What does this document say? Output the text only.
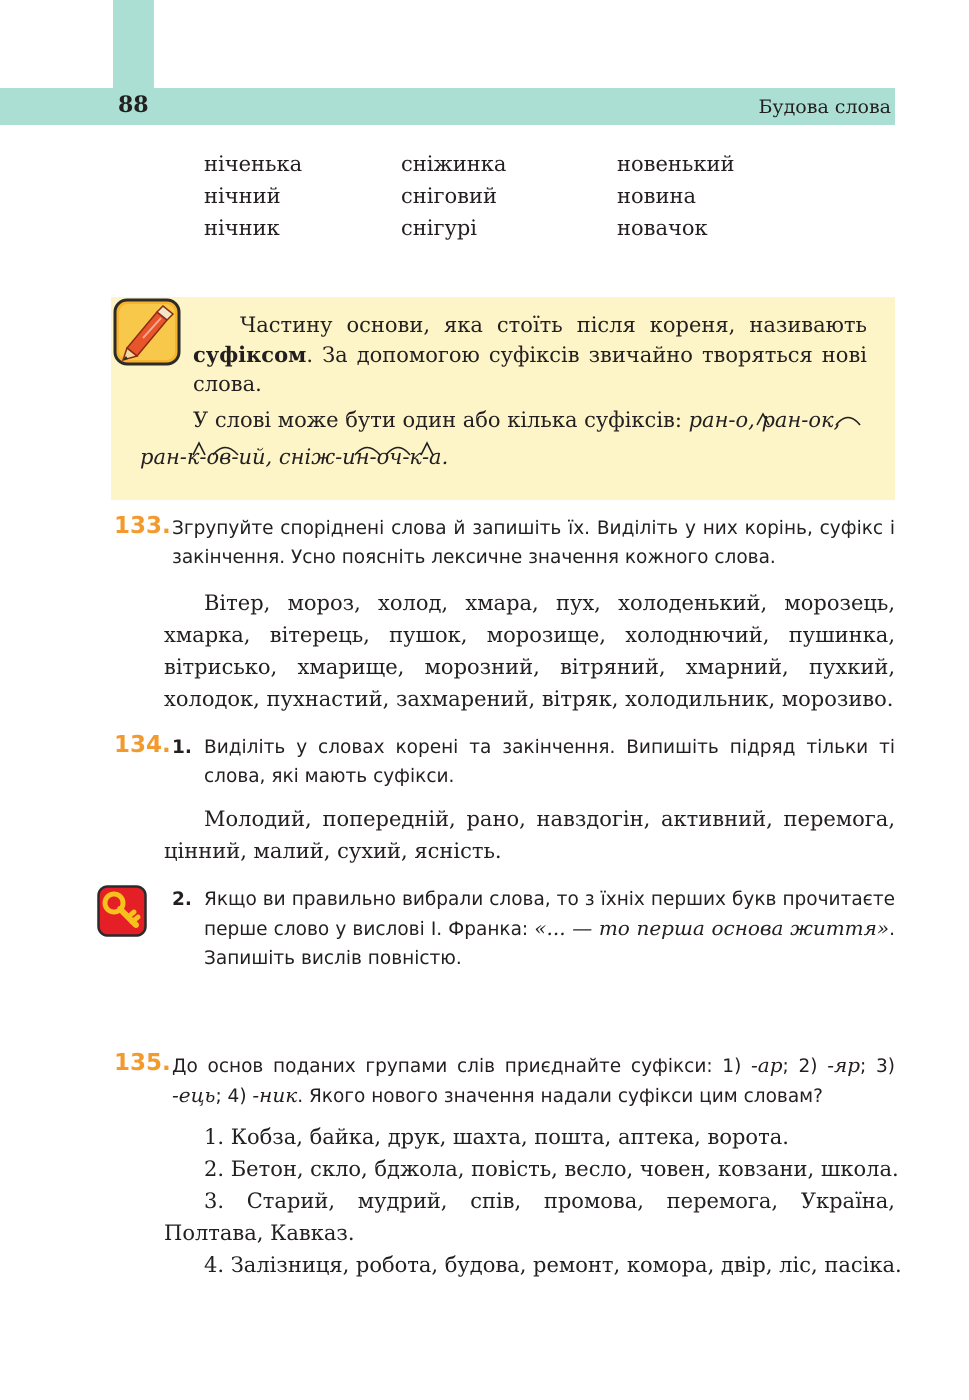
88	Будова слова
ніченька
нічний
нічник
сніжинка
сніговий
снігурі
новенький
новина
новачок
Частину основи, яка стоїть після кореня, називають суфіксом. За допомогою суфіксів звичайно творяться нові слова.
У слові може бути один або кілька суфіксів: ран-о, ран-ок,
ран-к-ов-ий, сніж-ин-оч-к-а.
133. Згрупуйте споріднені слова й запишіть їх. Виділіть у них корінь, суфікс і закінчення. Усно поясніть лексичне значення кожного слова.
Вітер, мороз, холод, хмара, пух, холоденький, морозець, хмарка, вітерець, пушок, морозище, холоднючий, пушинка, вітрисько, хмарище, морозний, вітряний, хмарний, пухкий, холодок, пухнастий, захмарений, вітряк, холодильник, морозиво.
134. 1. Виділіть у словах корені та закінчення. Випишіть підряд тільки ті слова, які мають суфікси.
Молодий, попередній, рано, навздогін, активний, перемога, цінний, малий, сухий, ясність.
2. Якщо ви правильно вибрали слова, то з їхніх перших букв прочитаєте перше слово у вислові І. Франка: «... — то перша основа життя». Запишіть вислів повністю.
135. До основ поданих групами слів приєднайте суфікси: 1) -ар; 2) -яр; 3) -ець; 4) -ник. Якого нового значення надали суфікси цим словам?
1. Кобза, байка, друк, шахта, пошта, аптека, ворота.
2. Бетон, скло, бджола, повість, весло, човен, ковзани, школа.
3. Старий, мудрий, спів, промова, перемога, Україна, Полтава, Кавказ.
4. Залізниця, робота, будова, ремонт, комора, двір, ліс, пасіка.
